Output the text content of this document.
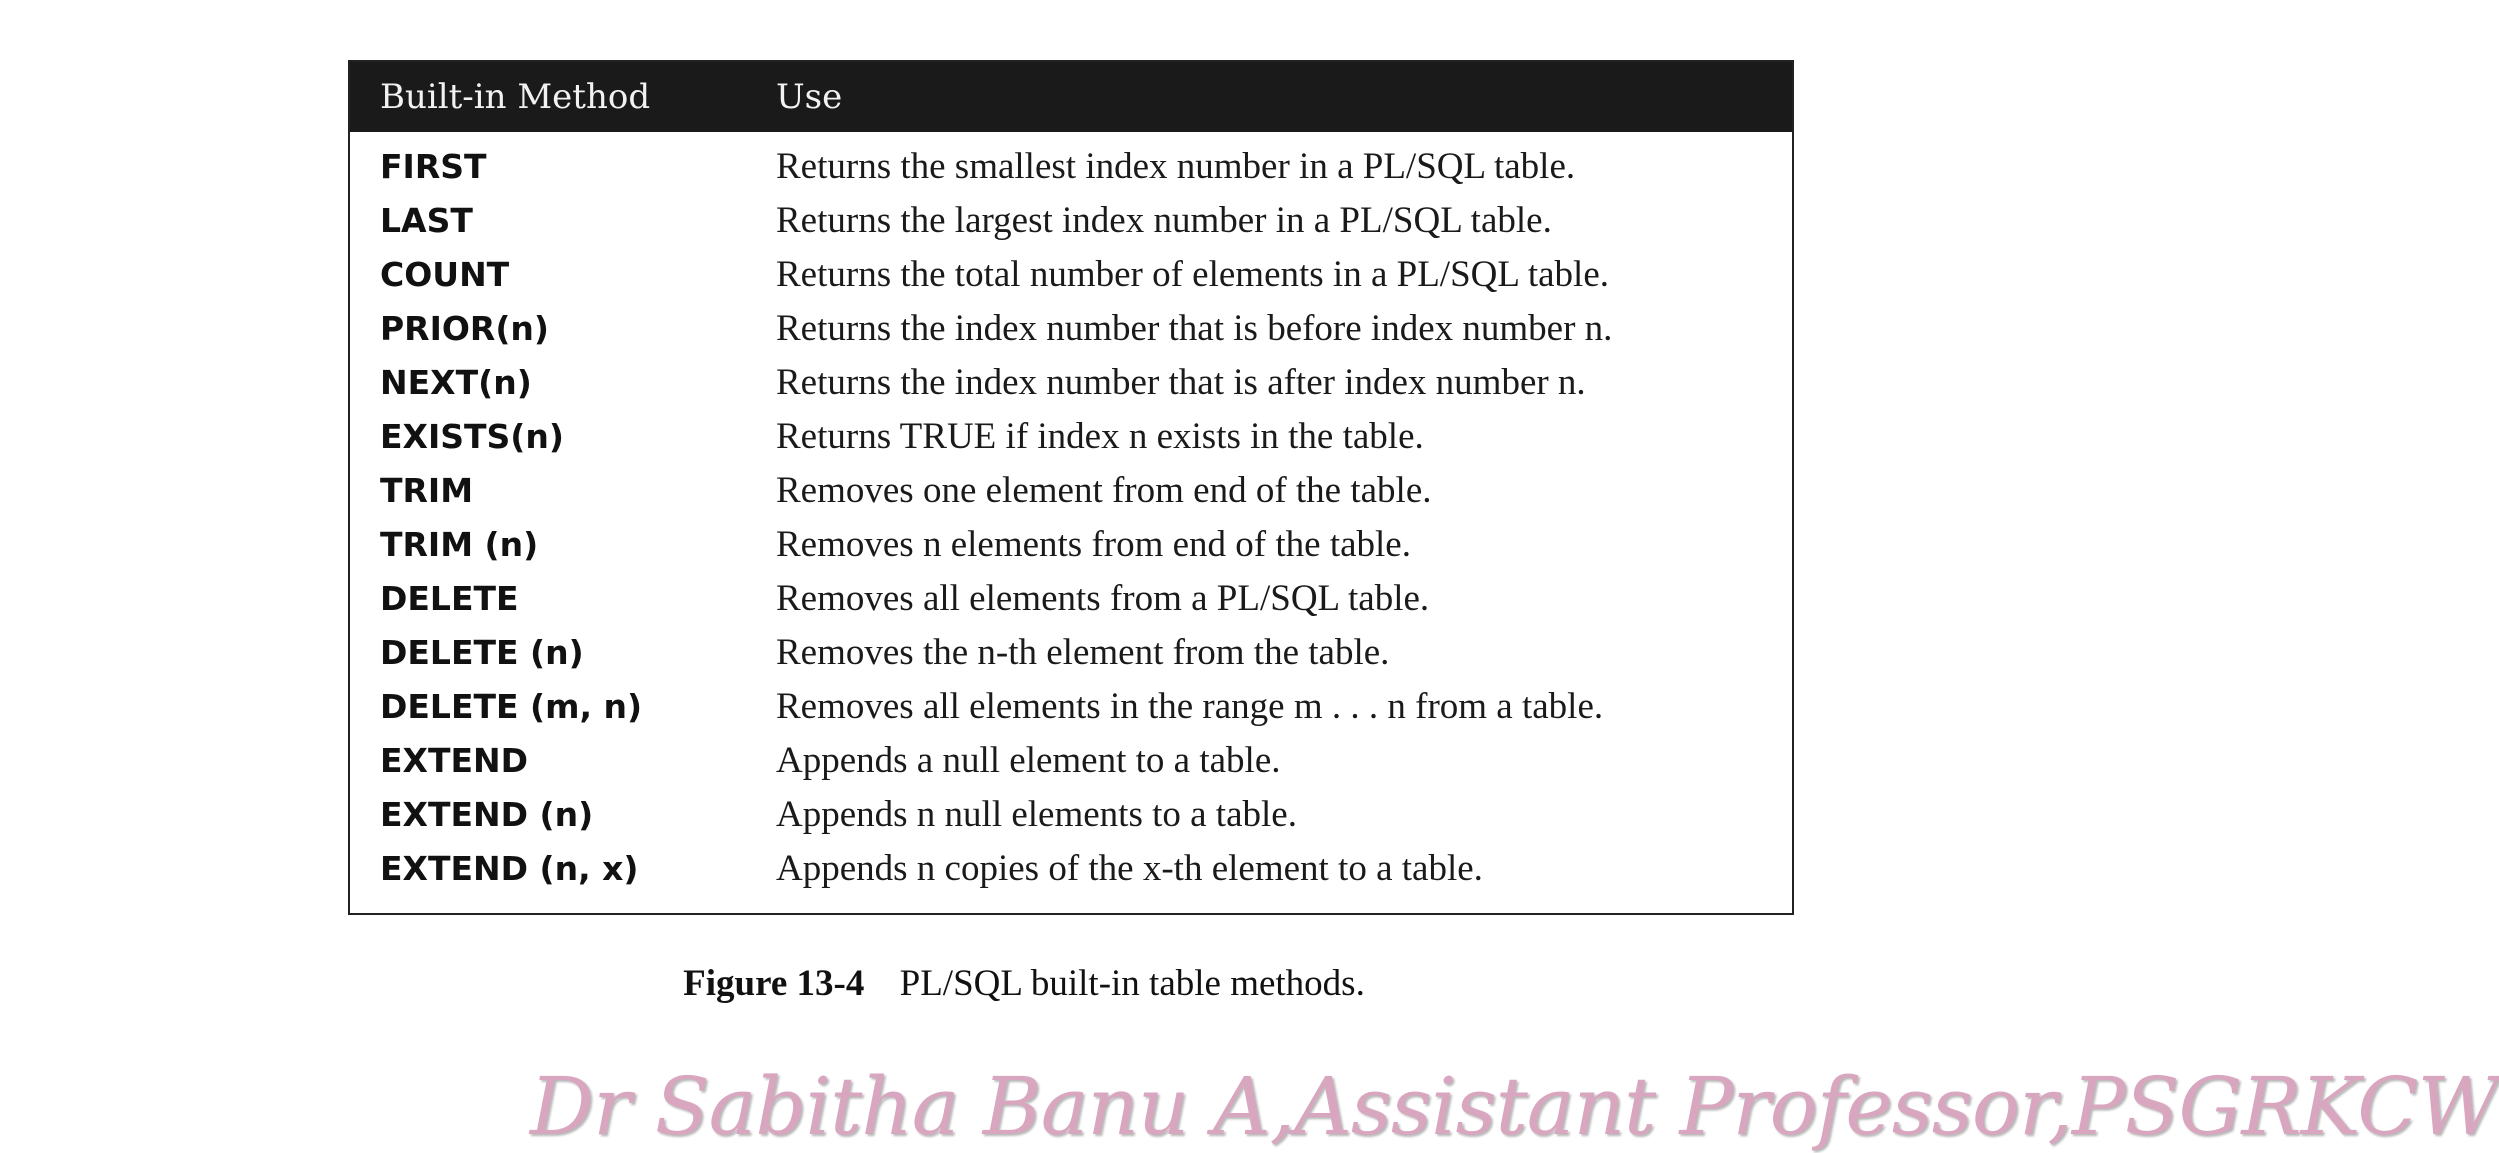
Built-in Method	Use
FIRST	Returns the smallest index number in a PL/SQL table.
LAST	Returns the largest index number in a PL/SQL table.
COUNT	Returns the total number of elements in a PL/SQL table.
PRIOR(n)	Returns the index number that is before index number n.
NEXT(n)	Returns the index number that is after index number n.
EXISTS(n)	Returns TRUE if index n exists in the table.
TRIM	Removes one element from end of the table.
TRIM (n)	Removes n elements from end of the table.
DELETE	Removes all elements from a PL/SQL table.
DELETE (n)	Removes the n-th element from the table.
DELETE (m, n)	Removes all elements in the range m . . . n from a table.
EXTEND	Appends a null element to a table.
EXTEND (n)	Appends n null elements to a table.
EXTEND (n, x)	Appends n copies of the x-th element to a table.
Figure 13-4 PL/SQL built-in table methods.
Dr Sabitha Banu A,Assistant Professor,PSGRKCW
